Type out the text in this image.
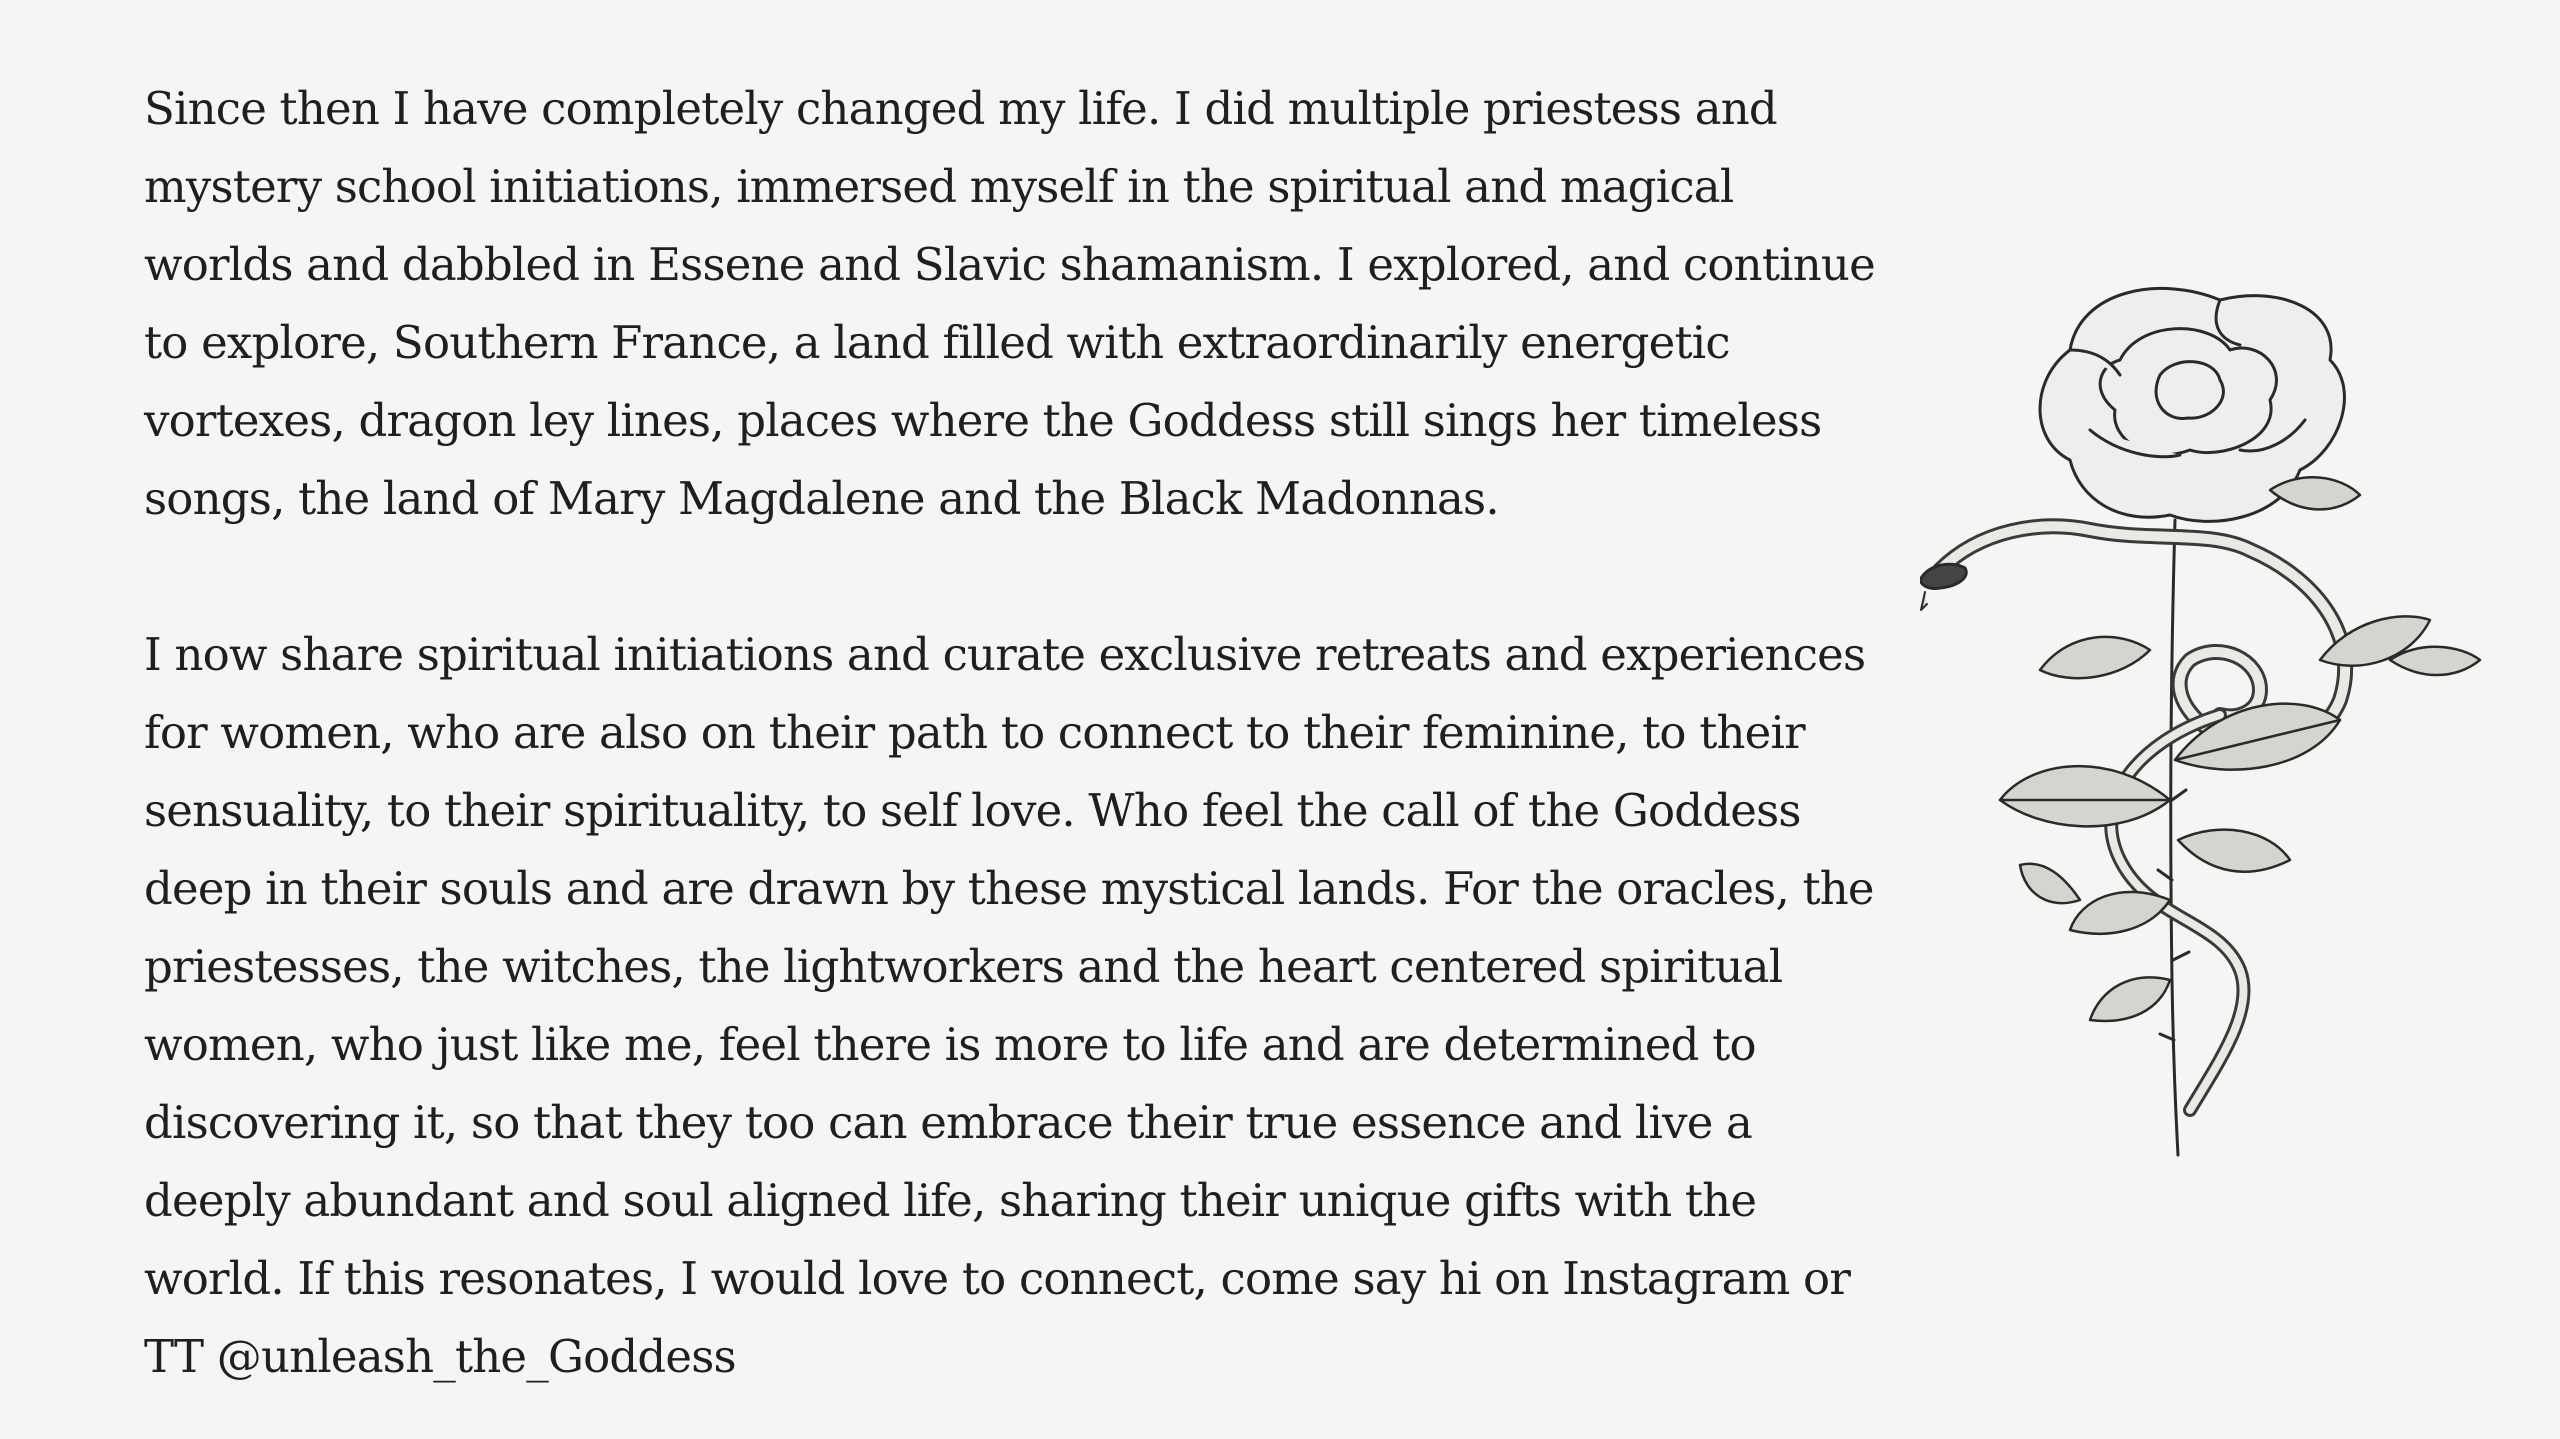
Since then I have completely changed my life. I did multiple priestess and
mystery school initiations, immersed myself in the spiritual and magical
worlds and dabbled in Essene and Slavic shamanism. I explored, and continue
to explore, Southern France, a land filled with extraordinarily energetic
vortexes, dragon ley lines, places where the Goddess still sings her timeless
songs, the land of Mary Magdalene and the Black Madonnas.

I now share spiritual initiations and curate exclusive retreats and experiences
for women, who are also on their path to connect to their feminine, to their
sensuality, to their spirituality, to self love. Who feel the call of the Goddess
deep in their souls and are drawn by these mystical lands. For the oracles, the
priestesses, the witches, the lightworkers and the heart centered spiritual
women, who just like me, feel there is more to life and are determined to
discovering it, so that they too can embrace their true essence and live a
deeply abundant and soul aligned life, sharing their unique gifts with the
world. If this resonates, I would love to connect, come say hi on Instagram or
TT @unleash_the_Goddess
